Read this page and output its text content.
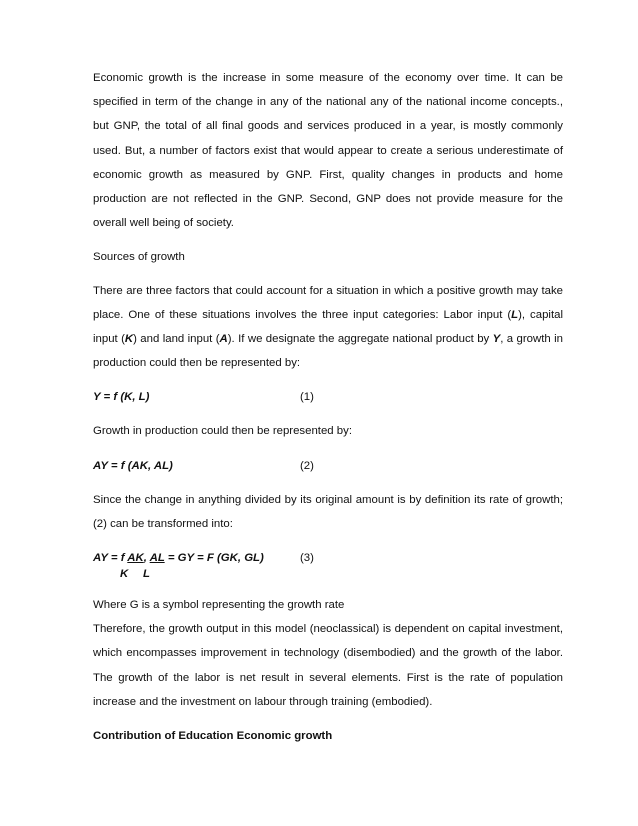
Economic growth is the increase in some measure of the economy over time. It can be specified in term of the change in any of the national any of the national income concepts., but GNP, the total of all final goods and services produced in a year, is mostly commonly used. But, a number of factors exist that would appear to create a serious underestimate of economic growth as measured by GNP. First, quality changes in products and home production are not reflected in the GNP. Second, GNP does not provide measure for the overall well being of society.

Sources of growth

There are three factors that could account for a situation in which a positive growth may take place. One of these situations involves the three input categories: Labor input (L), capital input (K) and land input (A). If we designate the aggregate national product by Y, a growth in production could then be represented by:

Y = f (K, L)	(1)

Growth in production could then be represented by:

AY = f (AK, AL)	(2)

Since the change in anything divided by its original amount is by definition its rate of growth; (2) can be transformed into:

AY = f AK, AL = GY = F (GK, GL)
K L
(3)

Where G is a symbol representing the growth rate

Therefore, the growth output in this model (neoclassical) is dependent on capital investment, which encompasses improvement in technology (disembodied) and the growth of the labor. The growth of the labor is net result in several elements. First is the rate of population increase and the investment on labour through training (embodied).

Contribution of Education Economic growth
